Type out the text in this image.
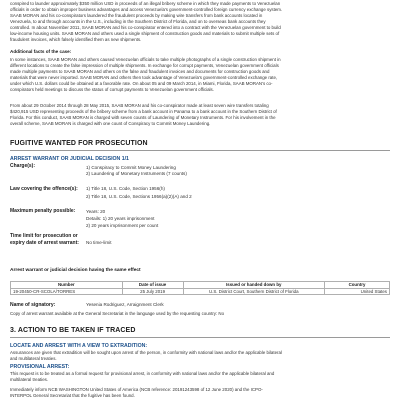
conspired to launder approximately $350 million USD in proceeds of an illegal bribery scheme in which they made payments to Venezuelan
officials in order to obtain improper business advantages and access Venezuela's government-controlled foreign currency exchange system.
SAAB MORAN and his co-conspirators laundered the fraudulent proceeds by making wire transfers from bank accounts located in
Venezuela, to and through accounts in the U.S., including in the Southern District of Florida, and on to overseas bank accounts they
controlled. In about November 2011, SAAB MORAN and his co-conspirator entered into a contract with the Venezuelan government to build
low-income housing units. SAAB MORAN and others used a single shipment of construction goods and materials to submit multiple sets of
fraudulent invoices, which falsely identified them as new shipments.
Additional facts of the case:
In some instances, SAAB MORAN and others caused Venezuelan officials to take multiple photographs of a single construction shipment in
different locations to create the false impression of multiple shipments. In exchange for corrupt payments, Venezuelan government officials
made multiple payments to SAAB MORAN and others on the false and fraudulent invoices and documents for construction goods and
materials that were never imported. SAAB MORAN and others then took advantage of Venezuela's government-controlled exchange rate,
under which U.S. dollars could be obtained at a favorable rate. On about 05 and 09 March 2014, in Miami, Florida, SAAB MORAN's co-
conspirators held meetings to discuss the status of corrupt payments to Venezuelan government officials.
From about 29 October 2014 through 28 May 2015, SAAB MORAN and his co-conspirator made at least seven wire transfers totaling
$420,915 USD representing proceeds of the bribery scheme from a bank account in Panama to a bank account in the Southern District of
Florida. For this conduct, SAAB MORAN is charged with seven counts of Laundering of Monetary Instruments. For his involvement in the
overall scheme, SAAB MORAN is charged with one count of Conspiracy to Commit Money Laundering.
FUGITIVE WANTED FOR PROSECUTION
ARREST WARRANT OR JUDICIAL DECISION 1/1
Charge(s):	1) Conspiracy to Commit Money Laundering
2) Laundering of Monetary Instruments (7 counts)
Law covering the offence(s): 1) Title 18, U.S. Code, Section 1956(h)
2) Title 18, U.S. Code, Sections 1956(a)(2)(A) and 2
Maximum penalty possible: Years: 20
Details: 1) 20 years imprisonment
2) 20 years imprisonment per count
Time limit for prosecution or
expiry date of arrest warrant: No time-limit
Arrest warrant or judicial decision having the same effect
Number	Date of issue	Issued or handed down by	Country
19-20450-CR-SCOLA/TORRES	25 July 2019	U.S. District Court, Southern District of Florida	United States
Name of signatory:	Yesenia Rodriguez, Arraignment Clerk
Copy of arrest warrant available at the General Secretariat in the language used by the requesting country: No
3. ACTION TO BE TAKEN IF TRACED
LOCATE AND ARREST WITH A VIEW TO EXTRADITION:
Assurances are given that extradition will be sought upon arrest of the person, in conformity with national laws and/or the applicable bilateral
and multilateral treaties.
PROVISIONAL ARREST:
This request is to be treated as a formal request for provisional arrest, in conformity with national laws and/or the applicable bilateral and
multilateral treaties.
Immediately inform NCB WASHINGTON United States of America (NCB reference: 20191243598 of 12 June 2020) and the ICPO-
INTERPOL General Secretariat that the fugitive has been found.
